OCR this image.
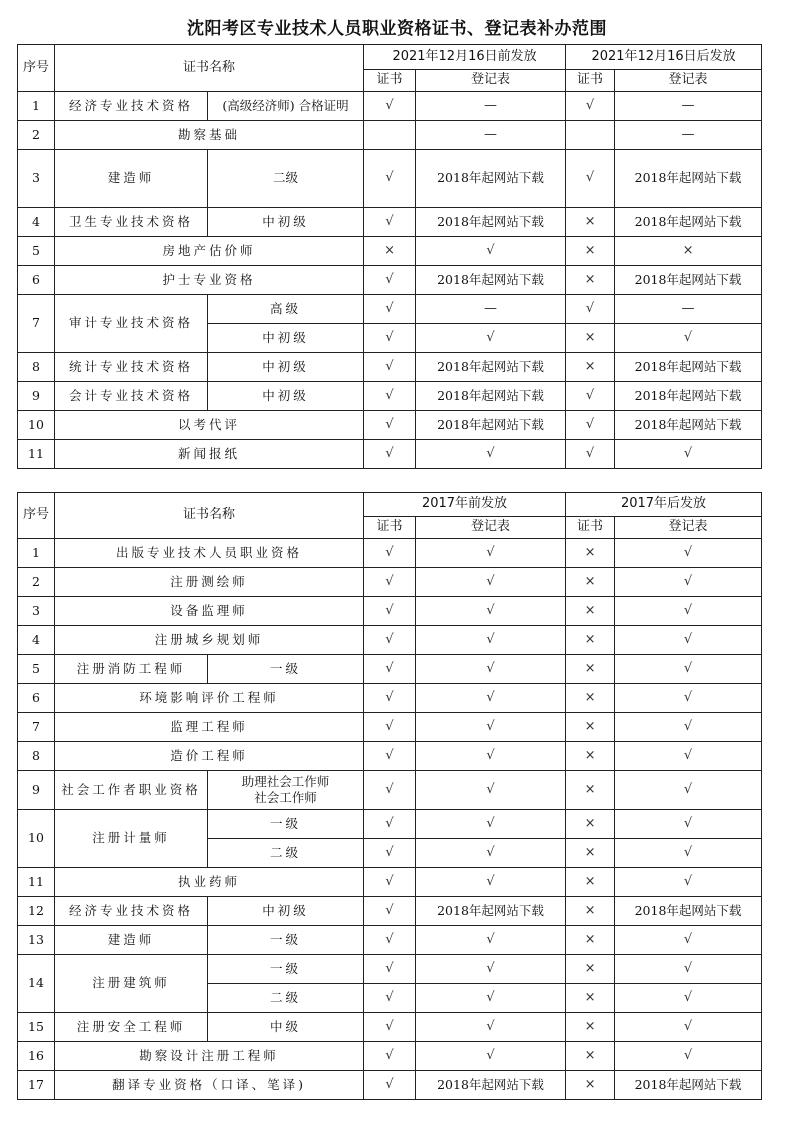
沈阳考区专业技术人员职业资格证书、登记表补办范围
序号	证书名称		2021年12月16日前发放		2021年12月16日后发放	
			证书	登记表	证书	登记表
1	经济专业技术资格	(高级经济师) 合格证明	√	—	√	—
2	勘察基础			—		—
3	建造师	二级	√	2018年起网站下载	√	2018年起网站下载
4	卫生专业技术资格	中初级	√	2018年起网站下载	×	2018年起网站下载
5	房地产估价师		×	√	×	×
6	护士专业资格		√	2018年起网站下载	×	2018年起网站下载
7	审计专业技术资格	高级	√	—	√	—
		中初级	√	√	×	√
8	统计专业技术资格	中初级	√	2018年起网站下载	×	2018年起网站下载
9	会计专业技术资格	中初级	√	2018年起网站下载	√	2018年起网站下载
10	以考代评		√	2018年起网站下载	√	2018年起网站下载
11	新闻报纸		√	√	√	√
序号	证书名称		2017年前发放		2017年后发放	
			证书	登记表	证书	登记表
1	出版专业技术人员职业资格		√	√	×	√
2	注册测绘师		√	√	×	√
3	设备监理师		√	√	×	√
4	注册城乡规划师		√	√	×	√
5	注册消防工程师	一级	√	√	×	√
6	环境影响评价工程师		√	√	×	√
7	监理工程师		√	√	×	√
8	造价工程师		√	√	×	√
9	社会工作者职业资格	助理社会工作师
社会工作师	√	√	×	√
10	注册计量师	一级	√	√	×	√
		二级	√	√	×	√
11	执业药师		√	√	×	√
12	经济专业技术资格	中初级	√	2018年起网站下载	×	2018年起网站下载
13	建造师	一级	√	√	×	√
14	注册建筑师	一级	√	√	×	√
		二级	√	√	×	√
15	注册安全工程师	中级	√	√	×	√
16	勘察设计注册工程师		√	√	×	√
17	翻译专业资格（口译、笔译)		√	2018年起网站下载	×	2018年起网站下载
